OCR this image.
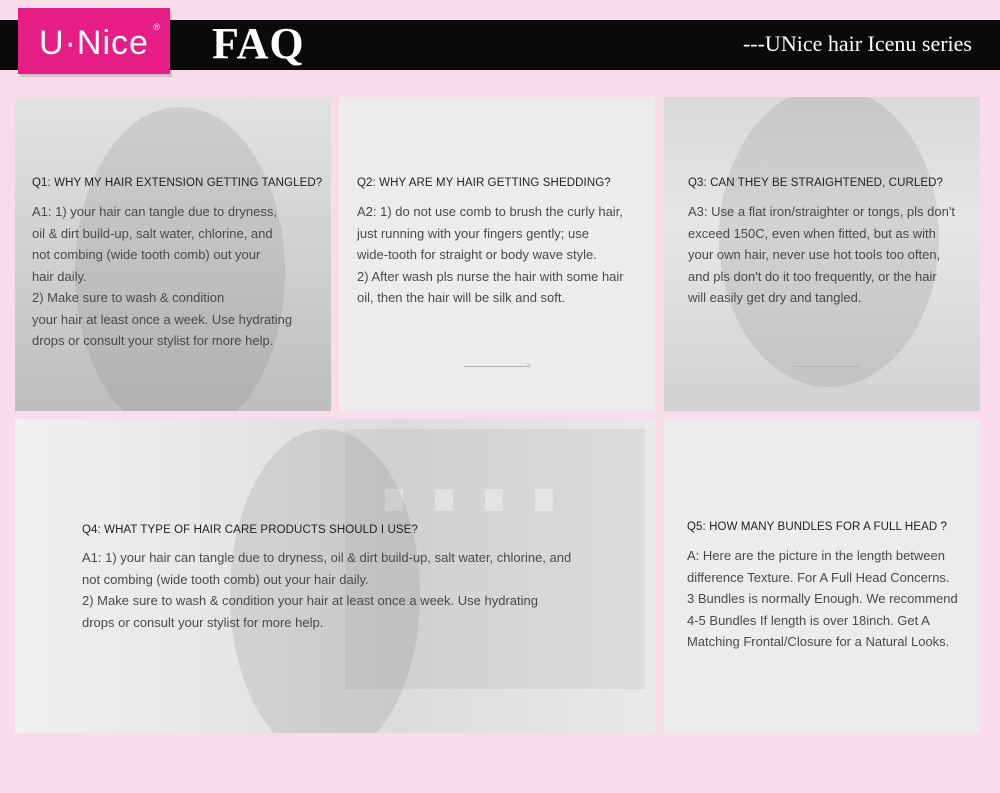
U·Nice ® FAQ	---UNice hair Icenu series
Q1: WHY MY HAIR EXTENSION GETTING TANGLED?

A1: 1) your hair can tangle due to dryness,

oil & dirt build-up, salt water, chlorine, and

not combing (wide tooth comb) out your

hair daily.

2) Make sure to wash & condition

your hair at least once a week. Use hydrating

drops or consult your stylist for more help.

Q2: WHY ARE MY HAIR GETTING SHEDDING?

A2: 1) do not use comb to brush the curly hair,

just running with your fingers gently; use

wide-tooth for straight or body wave style.

2) After wash pls nurse the hair with some hair

oil, then the hair will be silk and soft.

Q3: CAN THEY BE STRAIGHTENED, CURLED?

A3: Use a flat iron/straighter or tongs, pls don't

exceed 150C, even when fitted, but as with

your own hair, never use hot tools too often,

and pls don't do it too frequently, or the hair

will easily get dry and tangled.

Q4: WHAT TYPE OF HAIR CARE PRODUCTS SHOULD I USE?

A1: 1) your hair can tangle due to dryness, oil & dirt build-up, salt water, chlorine, and

not combing (wide tooth comb) out your hair daily.

2) Make sure to wash & condition your hair at least once a week. Use hydrating

drops or consult your stylist for more help.

Q5: HOW MANY BUNDLES FOR A FULL HEAD ?

A: Here are the picture in the length between

difference Texture. For A Full Head Concerns.

3 Bundles is normally Enough. We recommend

4-5 Bundles If length is over 18inch. Get A

Matching Frontal/Closure for a Natural Looks.
